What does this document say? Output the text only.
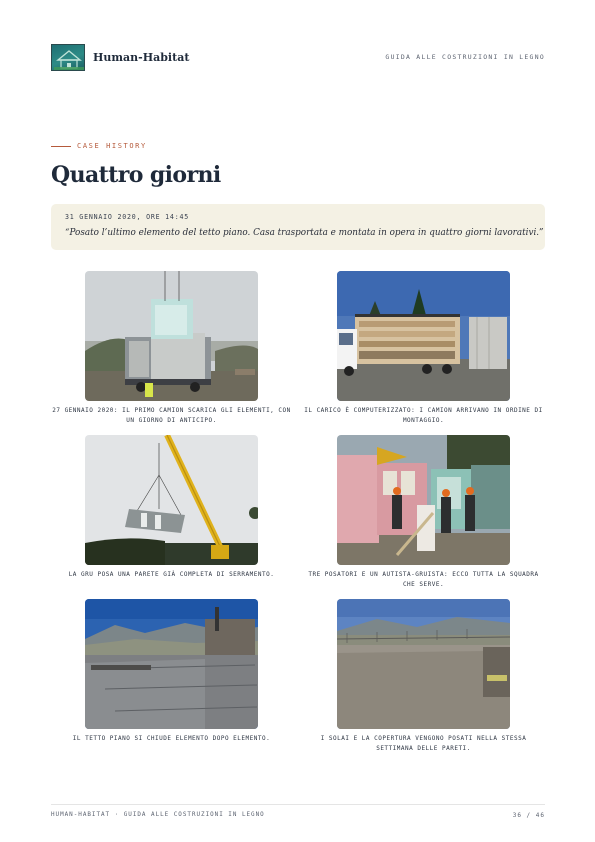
Human-Habitat	GUIDA ALLE COSTRUZIONI IN LEGNO
CASE HISTORY
Quattro giorni
31 GENNAIO 2020, ORE 14:45
“Posato l’ultimo elemento del tetto piano. Casa trasportata e montata in opera in quattro giorni lavorativi.”
27 GENNAIO 2020: IL PRIMO CAMION SCARICA GLI ELEMENTI, CON UN GIORNO DI ANTICIPO.
IL CARICO È COMPUTERIZZATO: I CAMION ARRIVANO IN ORDINE DI MONTAGGIO.
LA GRU POSA UNA PARETE GIÀ COMPLETA DI SERRAMENTO.	TRE POSATORI E UN AUTISTA-GRUISTA: ECCO TUTTA LA SQUADRA CHE SERVE.
IL TETTO PIANO SI CHIUDE ELEMENTO DOPO ELEMENTO.	I SOLAI E LA COPERTURA VENGONO POSATI NELLA STESSA SETTIMANA DELLE PARETI.
HUMAN-HABITAT · GUIDA ALLE COSTRUZIONI IN LEGNO	36 / 46
